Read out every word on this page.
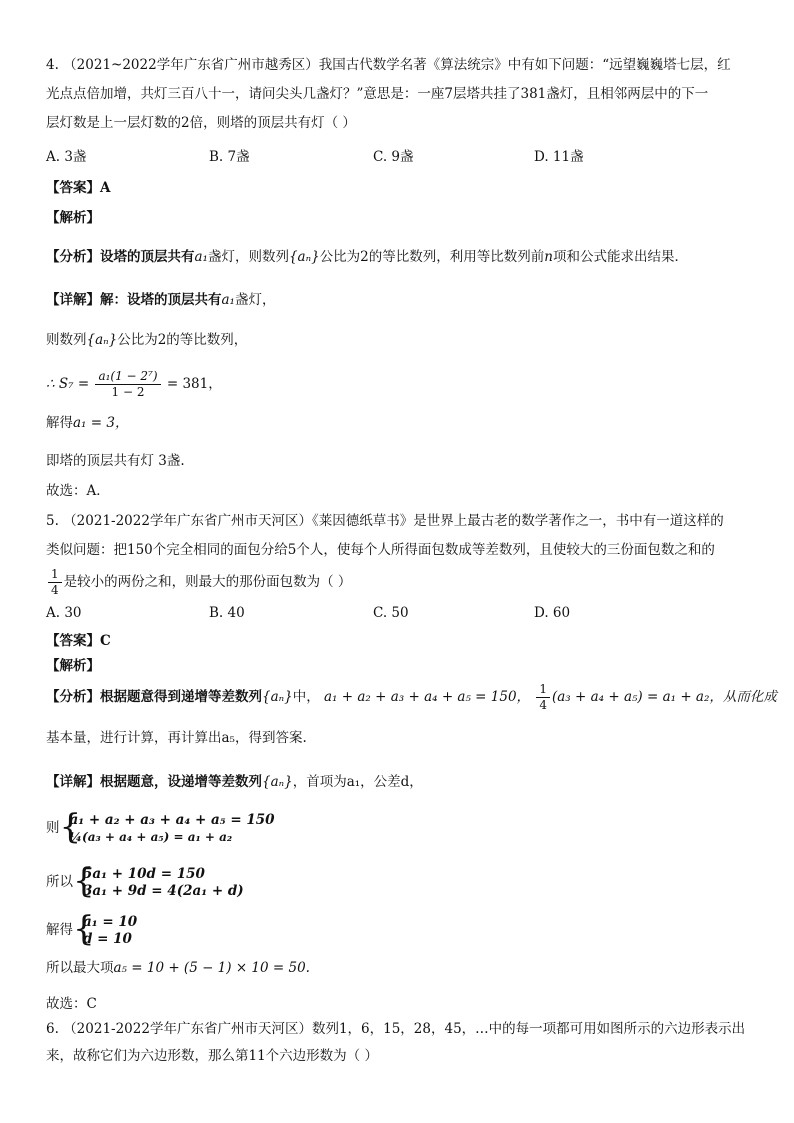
4. （2021~2022学年广东省广州市越秀区）我国古代数学名著《算法统宗》中有如下问题：“远望巍巍塔七层，红
光点点倍加增，共灯三百八十一，请问尖头几盏灯？”意思是：一座7层塔共挂了381盏灯，且相邻两层中的下一
层灯数是上一层灯数的2倍，则塔的顶层共有灯（ ）
A. 3盏	B. 7盏	C. 9盏	D. 11盏
【答案】A
【解析】
【分析】设塔的顶层共有a₁盏灯，则数列{aₙ}公比为2的等比数列，利用等比数列前n项和公式能求出结果．
【详解】解：设塔的顶层共有a₁盏灯，
则数列{aₙ}公比为2的等比数列，
∴ $S_7 = \frac{\text{a₁(1 − 2⁷)}}{1 - 2} = 381$，
解得a₁ = 3，
即塔的顶层共有灯 3盏.
故选：A．
5. （2021-2022学年广东省广州市天河区）《莱因德纸草书》是世界上最古老的数学著作之一，书中有一道这样的
类似问题：把150个完全相同的面包分给5个人，使每个人所得面包数成等差数列，且使较大的三份面包数之和的
$\frac{1}{4}$ 是较小的两份之和，则最大的那份面包数为（ ）
A. 30	B. 40	C. 50	D. 60
【答案】C
【解析】
【分析】根据题意得到递增等差数列{aₙ}中， a₁ + a₂ + a₃ + a₄ + a₅ = 150， $\frac{1}{4} (a_3 + a_4 + a_5) = a_1 + a_2$，从而化成
基本量，进行计算，再计算出a₅，得到答案.
【详解】根据题意，设递增等差数列{aₙ}，首项为a₁，公差d，
则 {
a₁ + a₂ + a₃ + a₄ + a₅ = 150
¼(a₃ + a₄ + a₅) = a₁ + a₂
所以 {
5a₁ + 10d = 150
3a₁ + 9d = 4(2a₁ + d)
解得 {
a₁ = 10
d = 10
所以最大项a₅ = 10 + (5 − 1) × 10 = 50.
故选：C
6. （2021-2022学年广东省广州市天河区）数列1，6，15，28，45，…中的每一项都可用如图所示的六边形表示出
来，故称它们为六边形数，那么第11个六边形数为（ ）
